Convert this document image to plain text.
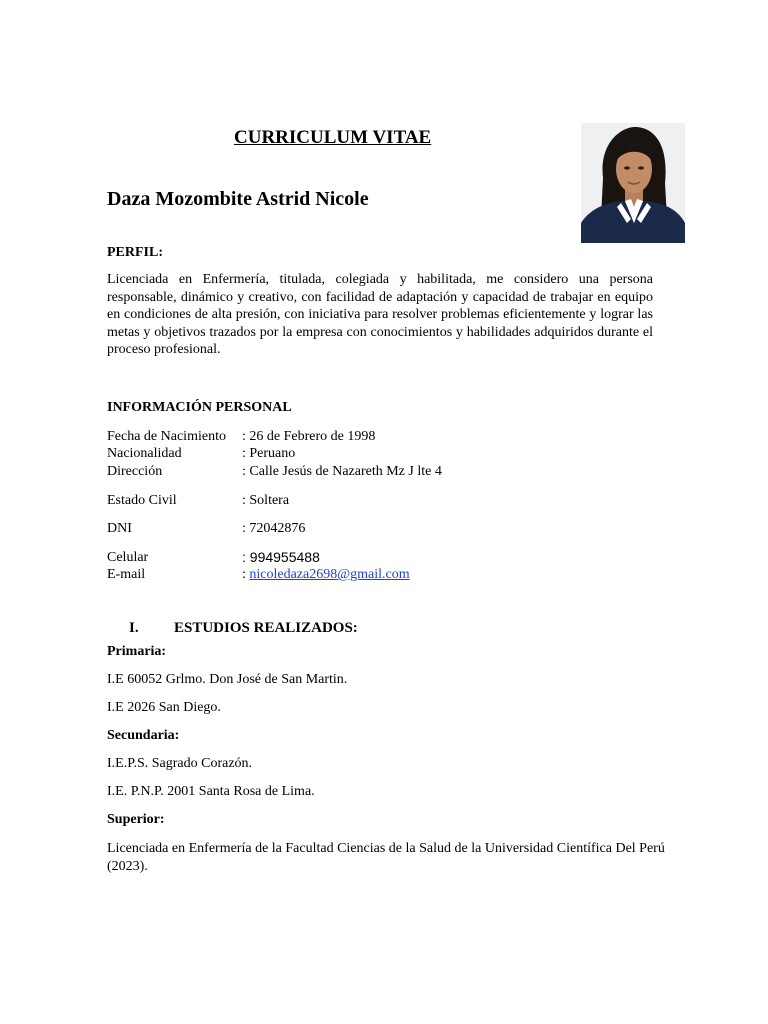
CURRICULUM VITAE
Daza Mozombite Astrid Nicole
PERFIL:
Licenciada en Enfermería, titulada, colegiada y habilitada, me considero una persona responsable, dinámico y creativo, con facilidad de adaptación y capacidad de trabajar en equipo en condiciones de alta presión, con iniciativa para resolver problemas eficientemente y lograr las metas y objetivos trazados por la empresa con conocimientos y habilidades adquiridos durante el proceso profesional.
INFORMACIÓN PERSONAL
Fecha de Nacimiento : 26 de Febrero de 1998
Nacionalidad	: Peruano
Dirección	: Calle Jesús de Nazareth Mz J lte 4
Estado Civil	: Soltera
DNI	: 72042876
Celular	: 994955488
E-mail	: nicoledaza2698@gmail.com
I. ESTUDIOS REALIZADOS:
Primaria:
I.E 60052 Grlmo. Don José de San Martin.
I.E 2026 San Diego.
Secundaria:
I.E.P.S. Sagrado Corazón.
I.E. P.N.P. 2001 Santa Rosa de Lima.
Superior:
Licenciada en Enfermería de la Facultad Ciencias de la Salud de la Universidad Científica Del Perú (2023).
